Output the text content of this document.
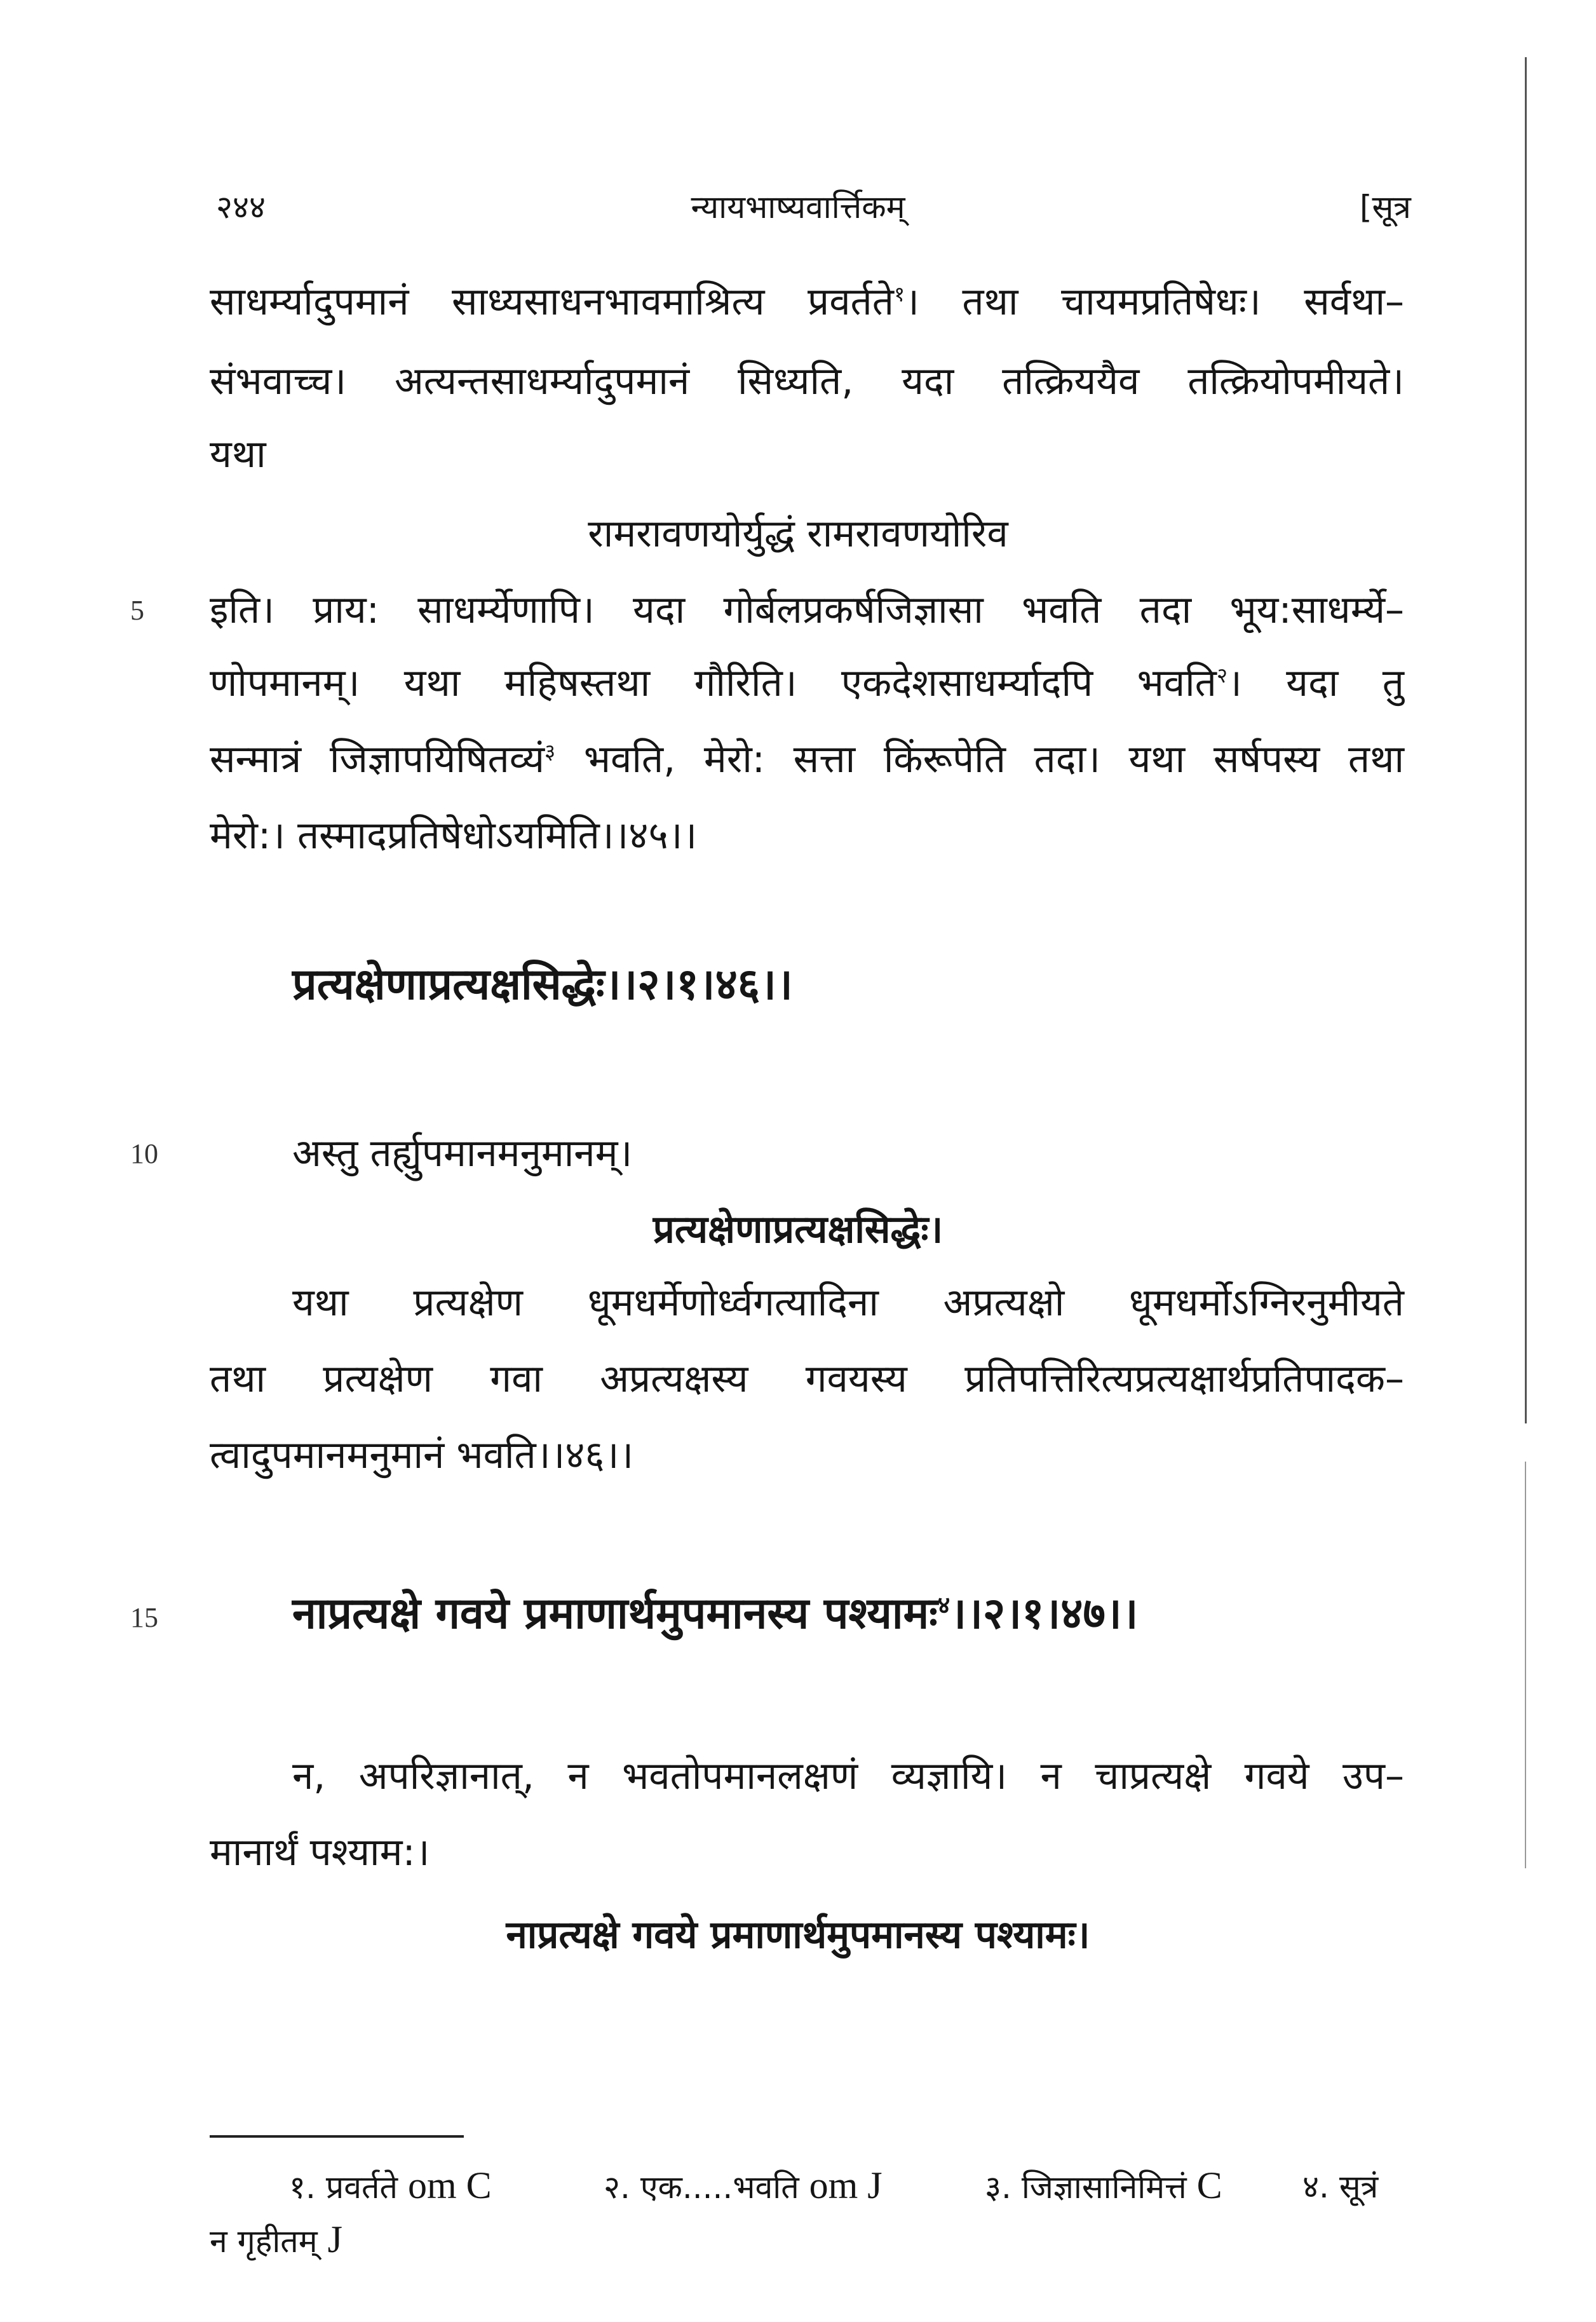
२४४	न्यायभाष्यवार्त्तिकम्	[सूत्र
साधर्म्यादुपमानं साध्यसाधनभावमाश्रित्य प्रवर्तते$^१$। तथा चायमप्रतिषेधः। सर्वथा–
संभवाच्च। अत्यन्तसाधर्म्यादुपमानं सिध्यति, यदा तत्क्रिययैव तत्क्रियोपमीयते।
यथा
रामरावणयोर्युद्धं रामरावणयोरिव
5	इति। प्राय: साधर्म्येणापि। यदा गोर्बलप्रकर्षजिज्ञासा भवति तदा भूय:साधर्म्ये–
णोपमानम्। यथा महिषस्तथा गौरिति। एकदेशसाधर्म्यादपि भवति$^२$। यदा तु
सन्मात्रं जिज्ञापयिषितव्यं$^३$ भवति, मेरो: सत्ता किंरूपेति तदा। यथा सर्षपस्य तथा
मेरो:। तस्मादप्रतिषेधोऽयमिति।।४५।।
प्रत्यक्षेणाप्रत्यक्षसिद्धेः।।२।१।४६।।
10	अस्तु तर्ह्युपमानमनुमानम्।
प्रत्यक्षेणाप्रत्यक्षसिद्धेः।
यथा प्रत्यक्षेण धूमधर्मेणोर्ध्वगत्यादिना अप्रत्यक्षो धूमधर्मोऽग्निरनुमीयते
तथा प्रत्यक्षेण गवा अप्रत्यक्षस्य गवयस्य प्रतिपत्तिरित्यप्रत्यक्षार्थप्रतिपादक–
त्वादुपमानमनुमानं भवति।।४६।।
15	नाप्रत्यक्षे गवये प्रमाणार्थमुपमानस्य पश्यामः$^४$।।२।१।४७।।
न, अपरिज्ञानात्, न भवतोपमानलक्षणं व्यज्ञायि। न चाप्रत्यक्षे गवये उप–
मानार्थं पश्याम:।
नाप्रत्यक्षे गवये प्रमाणार्थमुपमानस्य पश्यामः।
१. प्रवर्तते om C	२. एक.....भवति om J	३. जिज्ञासानिमित्तं C	४. सूत्रं
न गृहीतम् J
